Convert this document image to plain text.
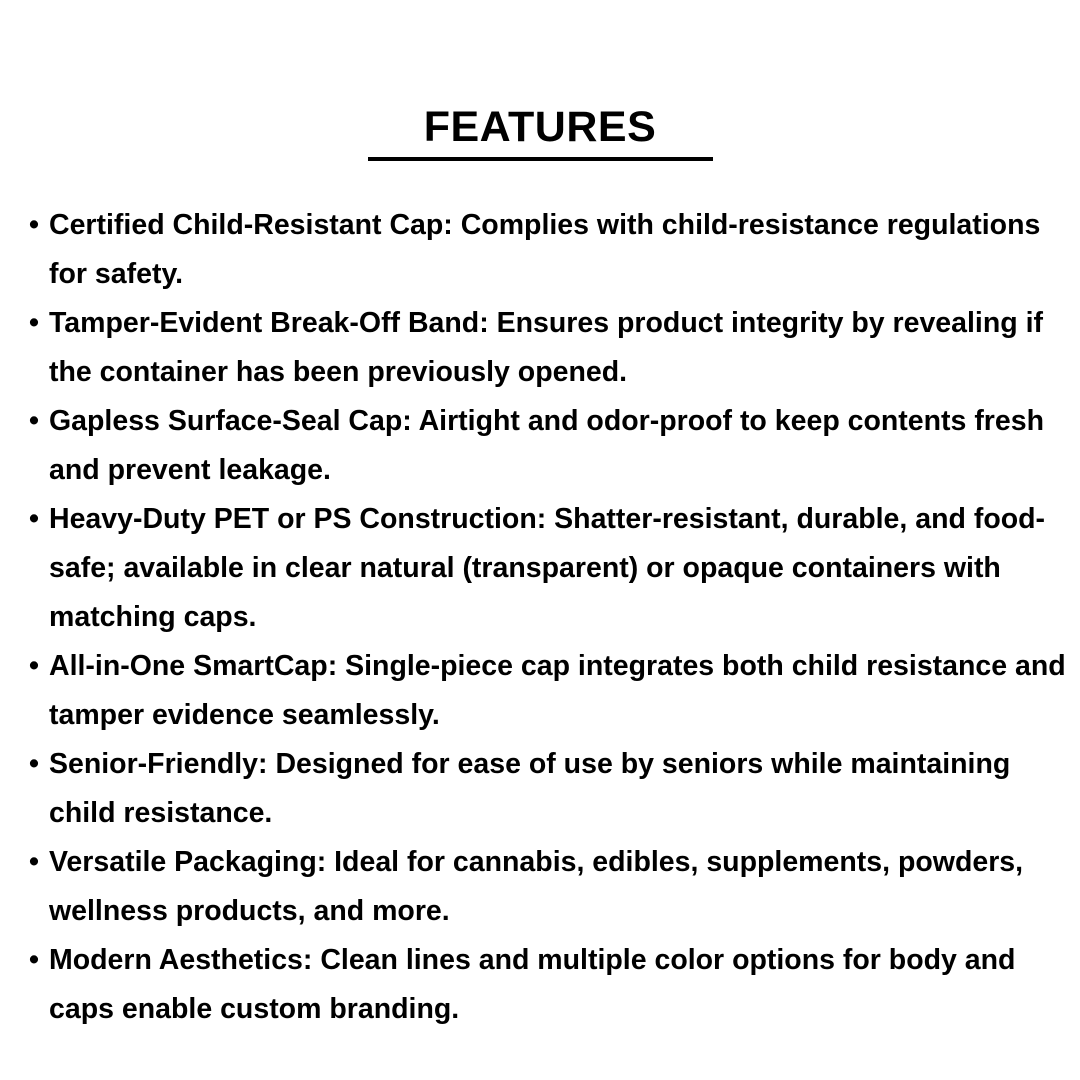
FEATURES
• Certified Child-Resistant Cap: Complies with child-resistance regulations for safety.
• Tamper-Evident Break-Off Band: Ensures product integrity by revealing if the container has been previously opened.
• Gapless Surface-Seal Cap: Airtight and odor-proof to keep contents fresh and prevent leakage.
• Heavy-Duty PET or PS Construction: Shatter-resistant, durable, and food-safe; available in clear natural (transparent) or opaque containers with matching caps.
• All-in-One SmartCap: Single-piece cap integrates both child resistance and tamper evidence seamlessly.
• Senior-Friendly: Designed for ease of use by seniors while maintaining child resistance.
• Versatile Packaging: Ideal for cannabis, edibles, supplements, powders, wellness products, and more.
• Modern Aesthetics: Clean lines and multiple color options for body and caps enable custom branding.
